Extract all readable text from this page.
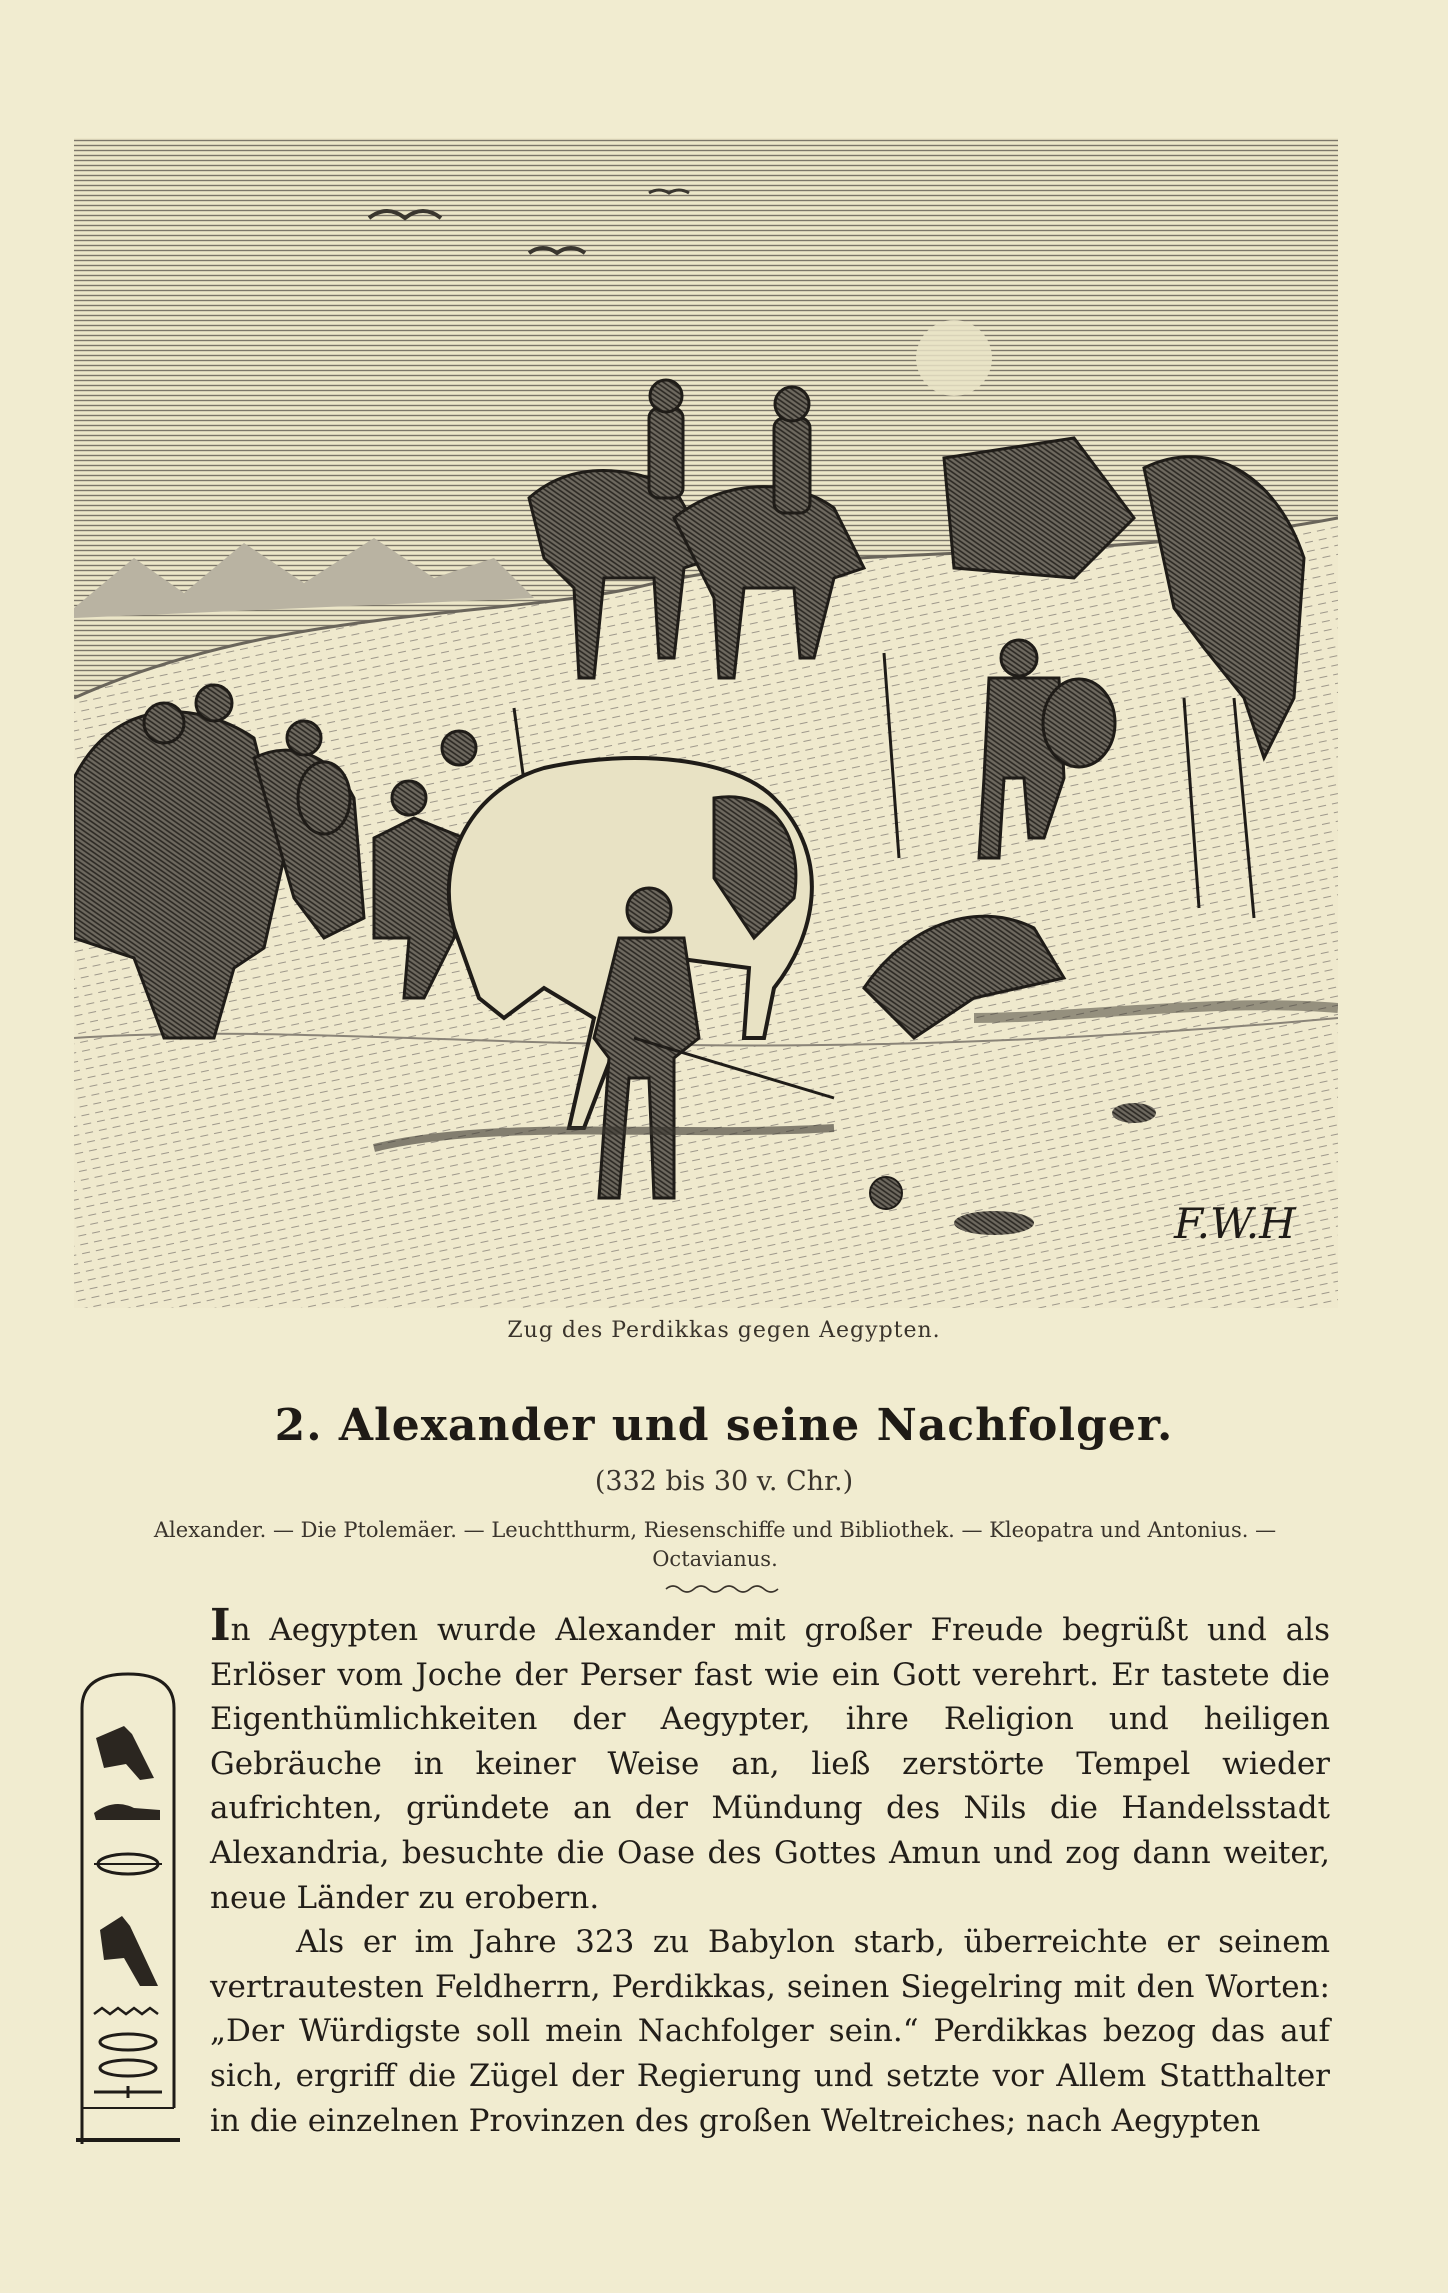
F.W.H
Zug des Perdikkas gegen Aegypten.
2. Alexander und seine Nachfolger.
(332 bis 30 v. Chr.)
Alexander. — Die Ptolemäer. — Leuchtthurm, Riesenschiffe und Bibliothek. — Kleopatra und Antonius. — Octavianus.

In Aegypten wurde Alexander mit großer Freude begrüßt und als Erlöser vom Joche der Perser fast wie ein Gott verehrt. Er tastete die Eigenthümlichkeiten der Aegypter, ihre Religion und heiligen Gebräuche in keiner Weise an, ließ zerstörte Tempel wieder aufrichten, gründete an der Mündung des Nils die Handelsstadt Alexandria, besuchte die Oase des Gottes Amun und zog dann weiter, neue Länder zu erobern.

Als er im Jahre 323 zu Babylon starb, überreichte er seinem vertrautesten Feldherrn, Perdikkas, seinen Siegelring mit den Worten: „Der Würdigste soll mein Nachfolger sein.“ Perdikkas bezog das auf sich, ergriff die Zügel der Regierung und setzte vor Allem Statthalter in die einzelnen Provinzen des großen Weltreiches; nach Aegypten
